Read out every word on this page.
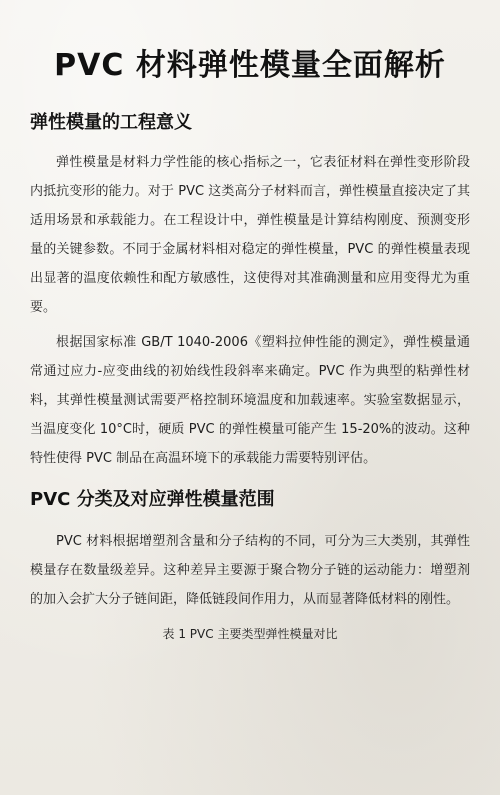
PVC 材料弹性模量全面解析
弹性模量的工程意义

弹性模量是材料力学性能的核心指标之一，它表征材料在弹性变形阶段内抵抗变形的能力。对于 PVC 这类高分子材料而言，弹性模量直接决定了其适用场景和承载能力。在工程设计中，弹性模量是计算结构刚度、预测变形量的关键参数。不同于金属材料相对稳定的弹性模量，PVC 的弹性模量表现出显著的温度依赖性和配方敏感性，这使得对其准确测量和应用变得尤为重要。

根据国家标准 GB/T 1040-2006《塑料拉伸性能的测定》，弹性模量通常通过应力-应变曲线的初始线性段斜率来确定。PVC 作为典型的粘弹性材料，其弹性模量测试需要严格控制环境温度和加载速率。实验室数据显示，当温度变化 10°C时，硬质 PVC 的弹性模量可能产生 15-20%的波动。这种特性使得 PVC 制品在高温环境下的承载能力需要特别评估。

PVC 分类及对应弹性模量范围

PVC 材料根据增塑剂含量和分子结构的不同，可分为三大类别，其弹性模量存在数量级差异。这种差异主要源于聚合物分子链的运动能力：增塑剂的加入会扩大分子链间距，降低链段间作用力，从而显著降低材料的刚性。

表 1 PVC 主要类型弹性模量对比
